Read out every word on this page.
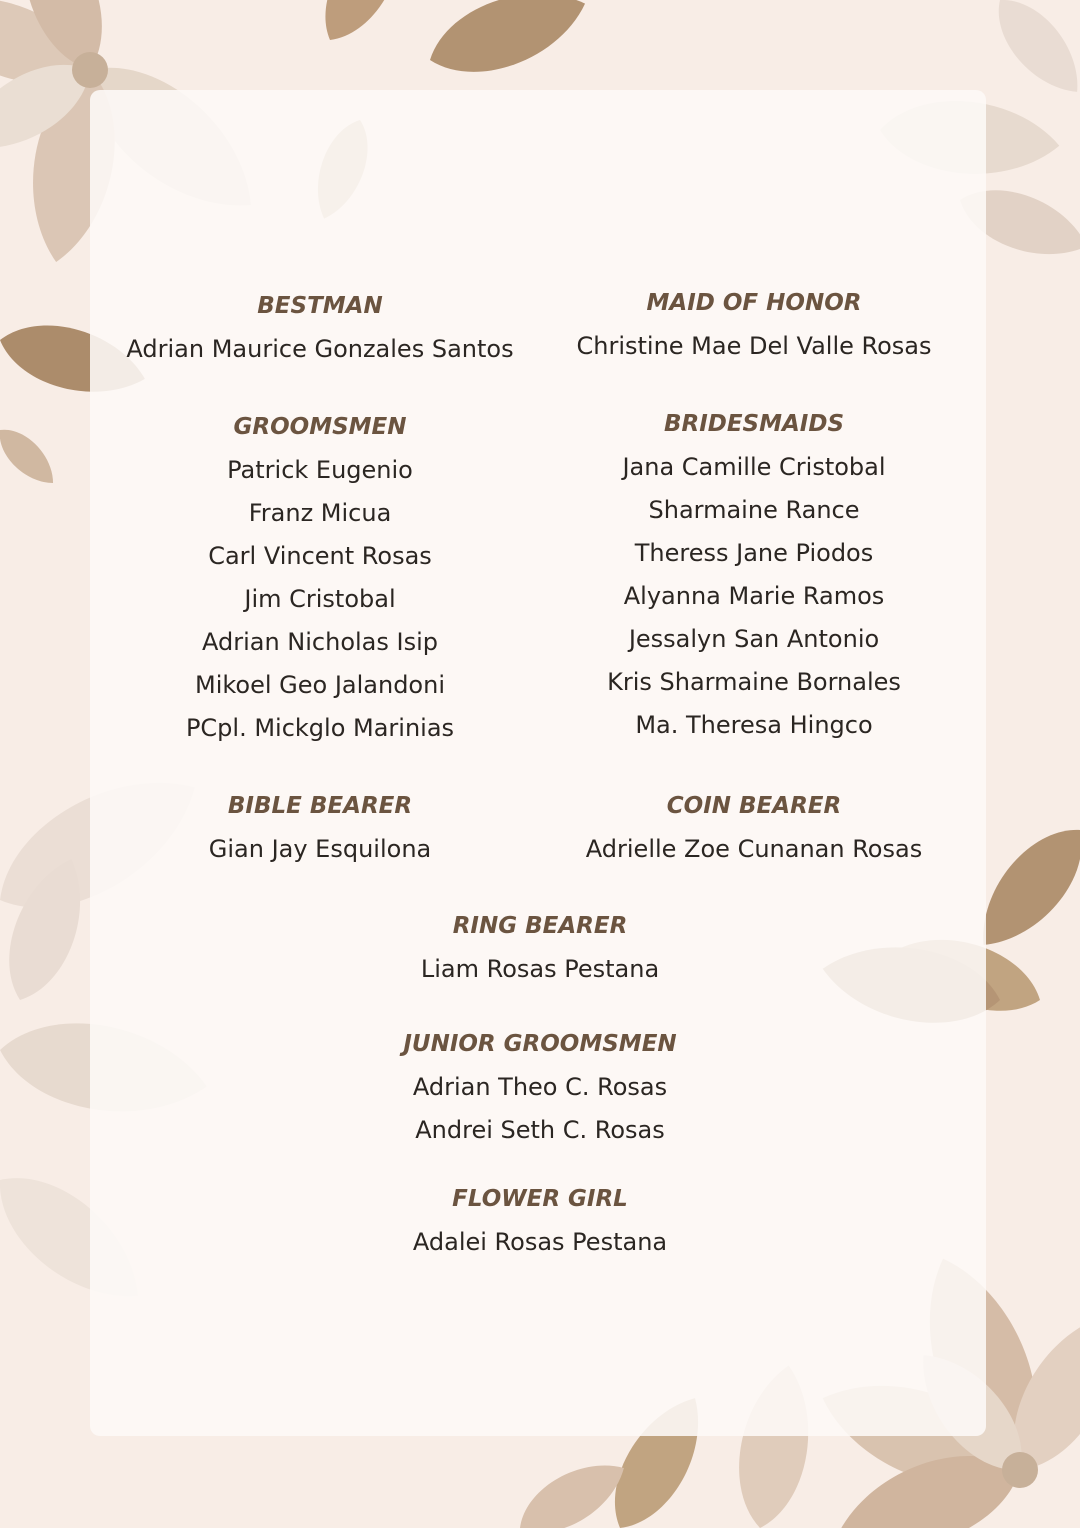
BESTMAN
Adrian Maurice Gonzales Santos
MAID OF HONOR
Christine Mae Del Valle Rosas
GROOMSMEN
Patrick Eugenio
Franz Micua
Carl Vincent Rosas
Jim Cristobal
Adrian Nicholas Isip
Mikoel Geo Jalandoni
PCpl. Mickglo Marinias
BRIDESMAIDS
Jana Camille Cristobal
Sharmaine Rance
Theress Jane Piodos
Alyanna Marie Ramos
Jessalyn San Antonio
Kris Sharmaine Bornales
Ma. Theresa Hingco
BIBLE BEARER
Gian Jay Esquilona
COIN BEARER
Adrielle Zoe Cunanan Rosas
RING BEARER
Liam Rosas Pestana
JUNIOR GROOMSMEN
Adrian Theo C. Rosas
Andrei Seth C. Rosas
FLOWER GIRL
Adalei Rosas Pestana
